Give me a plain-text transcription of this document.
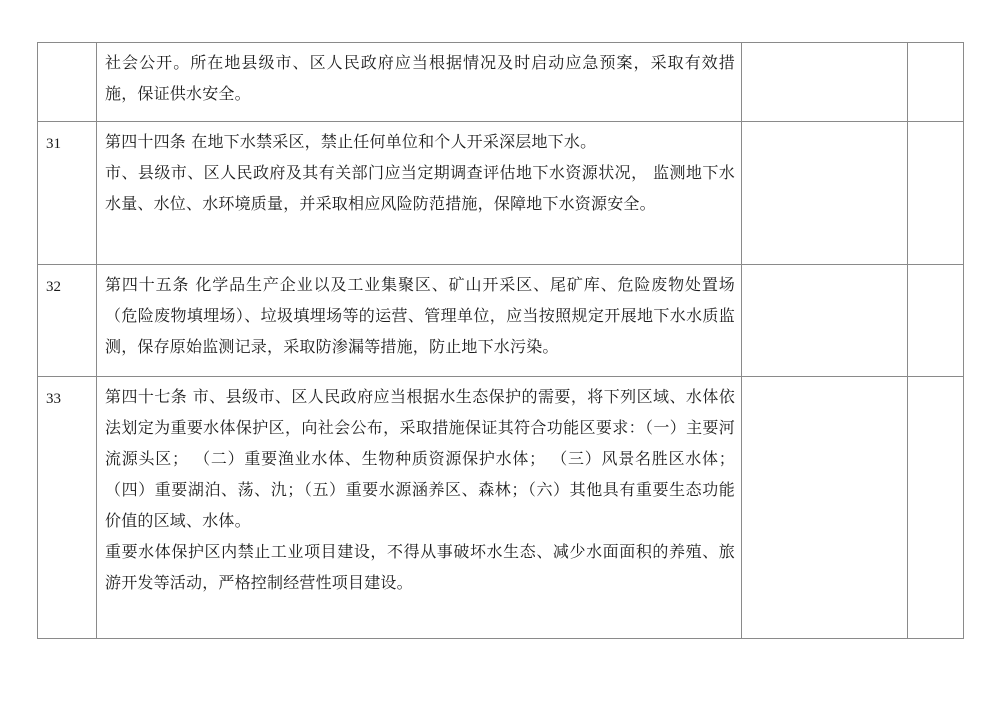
	社会公开。所在地县级市、区人民政府应当根据情况及时启动应急预案，采取有效措施，保证供水安全。		

31	第四十四条 在地下水禁采区，禁止任何单位和个人开采深层地下水。

市、县级市、区人民政府及其有关部门应当定期调查评估地下水资源状况， 监测地下水水量、水位、水环境质量，并采取相应风险防范措施，保障地下水资源安全。		

32	第四十五条 化学品生产企业以及工业集聚区、矿山开采区、尾矿库、危险废物处置场（危险废物填埋场）、垃圾填埋场等的运营、管理单位，应当按照规定开展地下水水质监测，保存原始监测记录，采取防渗漏等措施，防止地下水污染。		

33	第四十七条 市、县级市、区人民政府应当根据水生态保护的需要，将下列区域、水体依法划定为重要水体保护区，向社会公布，采取措施保证其符合功能区要求：（一）主要河流源头区； （二）重要渔业水体、生物种质资源保护水体； （三）风景名胜区水体；（四）重要湖泊、荡、氿；（五）重要水源涵养区、森林；（六）其他具有重要生态功能价值的区域、水体。

重要水体保护区内禁止工业项目建设，不得从事破坏水生态、减少水面面积的养殖、旅游开发等活动，严格控制经营性项目建设。		
